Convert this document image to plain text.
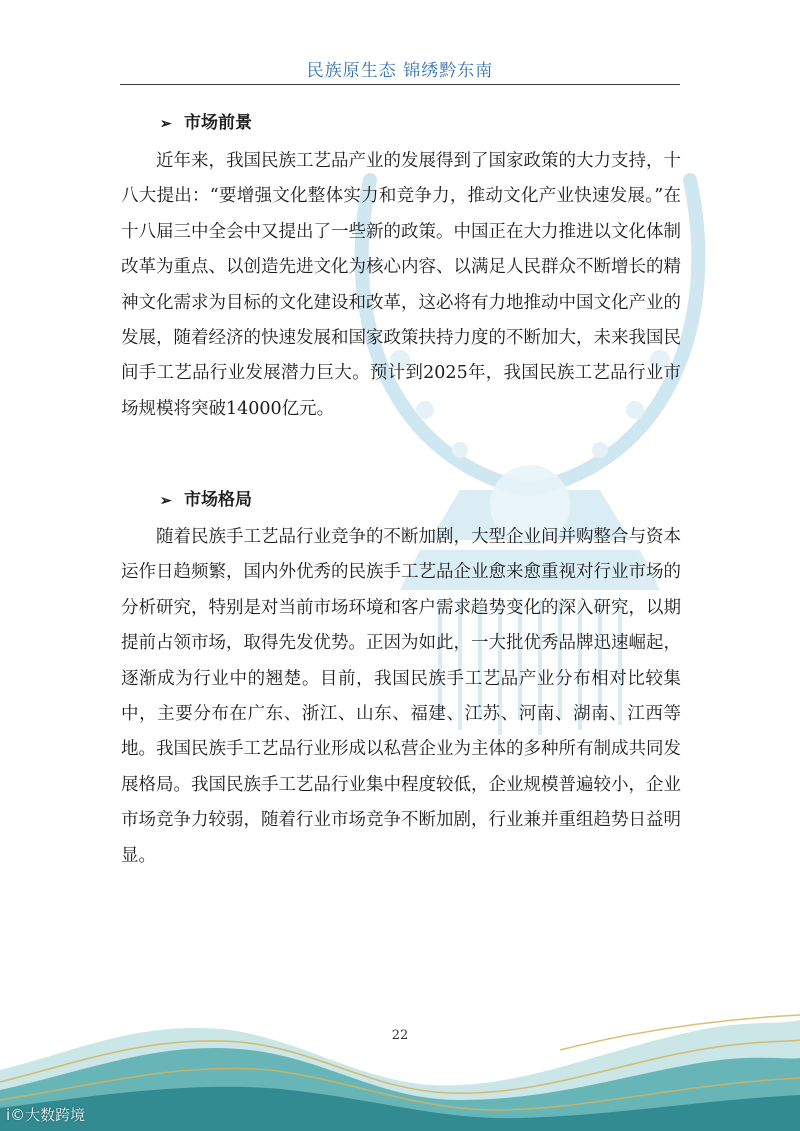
民族原生态 锦绣黔东南
➢ 市场前景
近年来，我国民族工艺品产业的发展得到了国家政策的大力支持，十八大提出：“要增强文化整体实力和竞争力，推动文化产业快速发展。”在十八届三中全会中又提出了一些新的政策。中国正在大力推进以文化体制改革为重点、以创造先进文化为核心内容、以满足人民群众不断增长的精神文化需求为目标的文化建设和改革，这必将有力地推动中国文化产业的发展，随着经济的快速发展和国家政策扶持力度的不断加大，未来我国民间手工艺品行业发展潜力巨大。预计到2025年，我国民族工艺品行业市场规模将突破14000亿元。
➢ 市场格局
随着民族手工艺品行业竞争的不断加剧，大型企业间并购整合与资本运作日趋频繁，国内外优秀的民族手工艺品企业愈来愈重视对行业市场的分析研究，特别是对当前市场环境和客户需求趋势变化的深入研究，以期提前占领市场，取得先发优势。正因为如此，一大批优秀品牌迅速崛起，逐渐成为行业中的翘楚。目前，我国民族手工艺品产业分布相对比较集中，主要分布在广东、浙江、山东、福建、江苏、河南、湖南、江西等地。我国民族手工艺品行业形成以私营企业为主体的多种所有制成共同发展格局。我国民族手工艺品行业集中程度较低，企业规模普遍较小，企业市场竞争力较弱，随着行业市场竞争不断加剧，行业兼并重组趋势日益明显。
22
i©大数跨境
